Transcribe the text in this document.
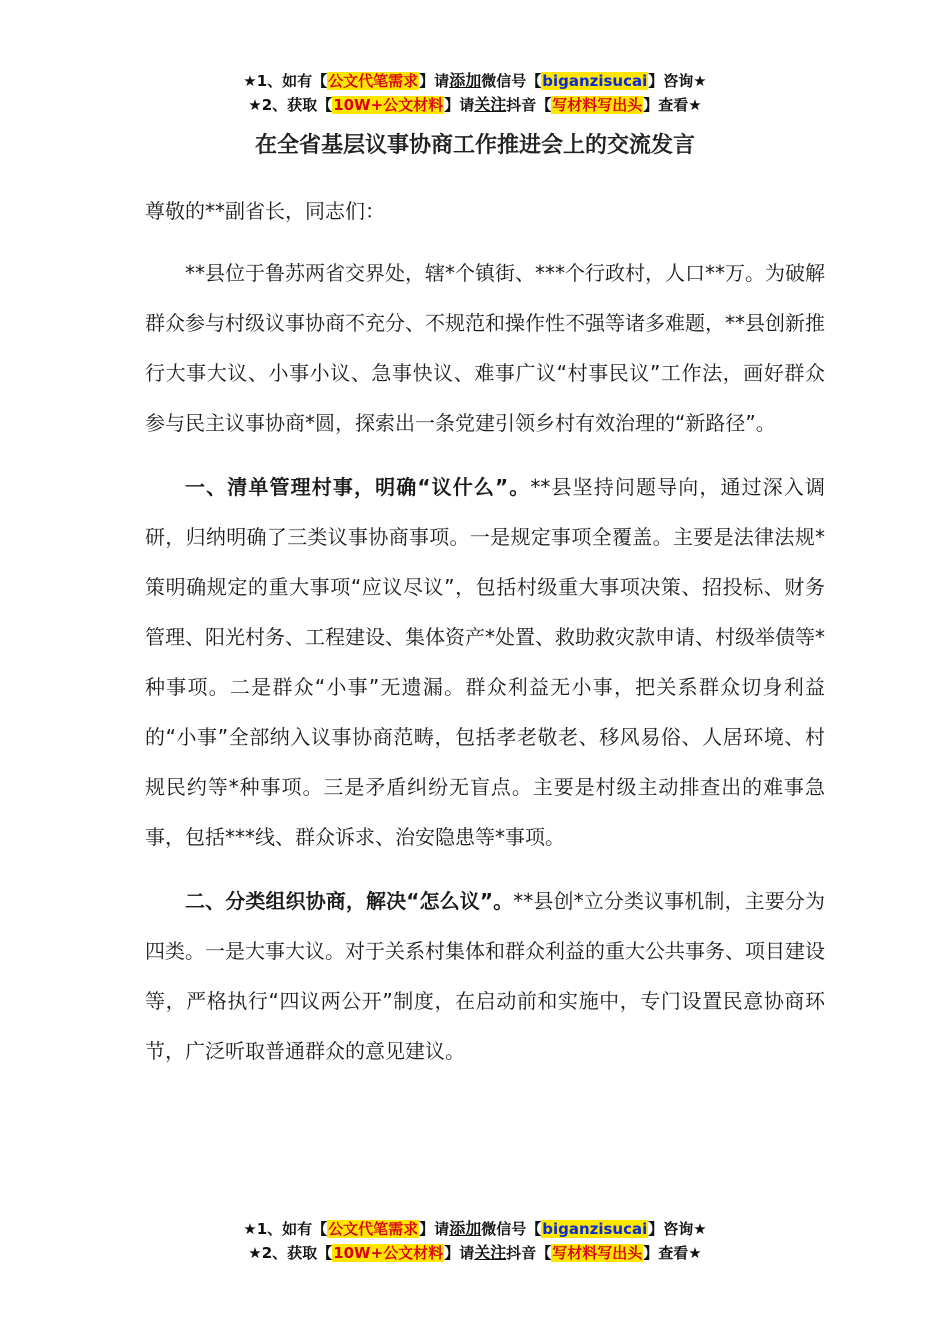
★1、如有【公文代笔需求】请添加微信号【biganzisucai】咨询★
★2、获取【10W+公文材料】请关注抖音【写材料写出头】查看★
在全省基层议事协商工作推进会上的交流发言

尊敬的**副省长，同志们：

**县位于鲁苏两省交界处，辖*个镇街、***个行政村，人口**万。为破解群众参与村级议事协商不充分、不规范和操作性不强等诸多难题，**县创新推行大事大议、小事小议、急事快议、难事广议“村事民议”工作法，画好群众参与民主议事协商*圆，探索出一条党建引领乡村有效治理的“新路径”。

一、清单管理村事，明确“议什么”。**县坚持问题导向，通过深入调研，归纳明确了三类议事协商事项。一是规定事项全覆盖。主要是法律法规*策明确规定的重大事项“应议尽议”，包括村级重大事项决策、招投标、财务管理、阳光村务、工程建设、集体资产*处置、救助救灾款申请、村级举债等*种事项。二是群众“小事”无遗漏。群众利益无小事，把关系群众切身利益的“小事”全部纳入议事协商范畴，包括孝老敬老、移风易俗、人居环境、村规民约等*种事项。三是矛盾纠纷无盲点。主要是村级主动排查出的难事急事，包括***线、群众诉求、治安隐患等*事项。

二、分类组织协商，解决“怎么议”。**县创*立分类议事机制，主要分为四类。一是大事大议。对于关系村集体和群众利益的重大公共事务、项目建设等，严格执行“四议两公开”制度，在启动前和实施中，专门设置民意协商环节，广泛听取普通群众的意见建议。

★1、如有【公文代笔需求】请添加微信号【biganzisucai】咨询★
★2、获取【10W+公文材料】请关注抖音【写材料写出头】查看★
